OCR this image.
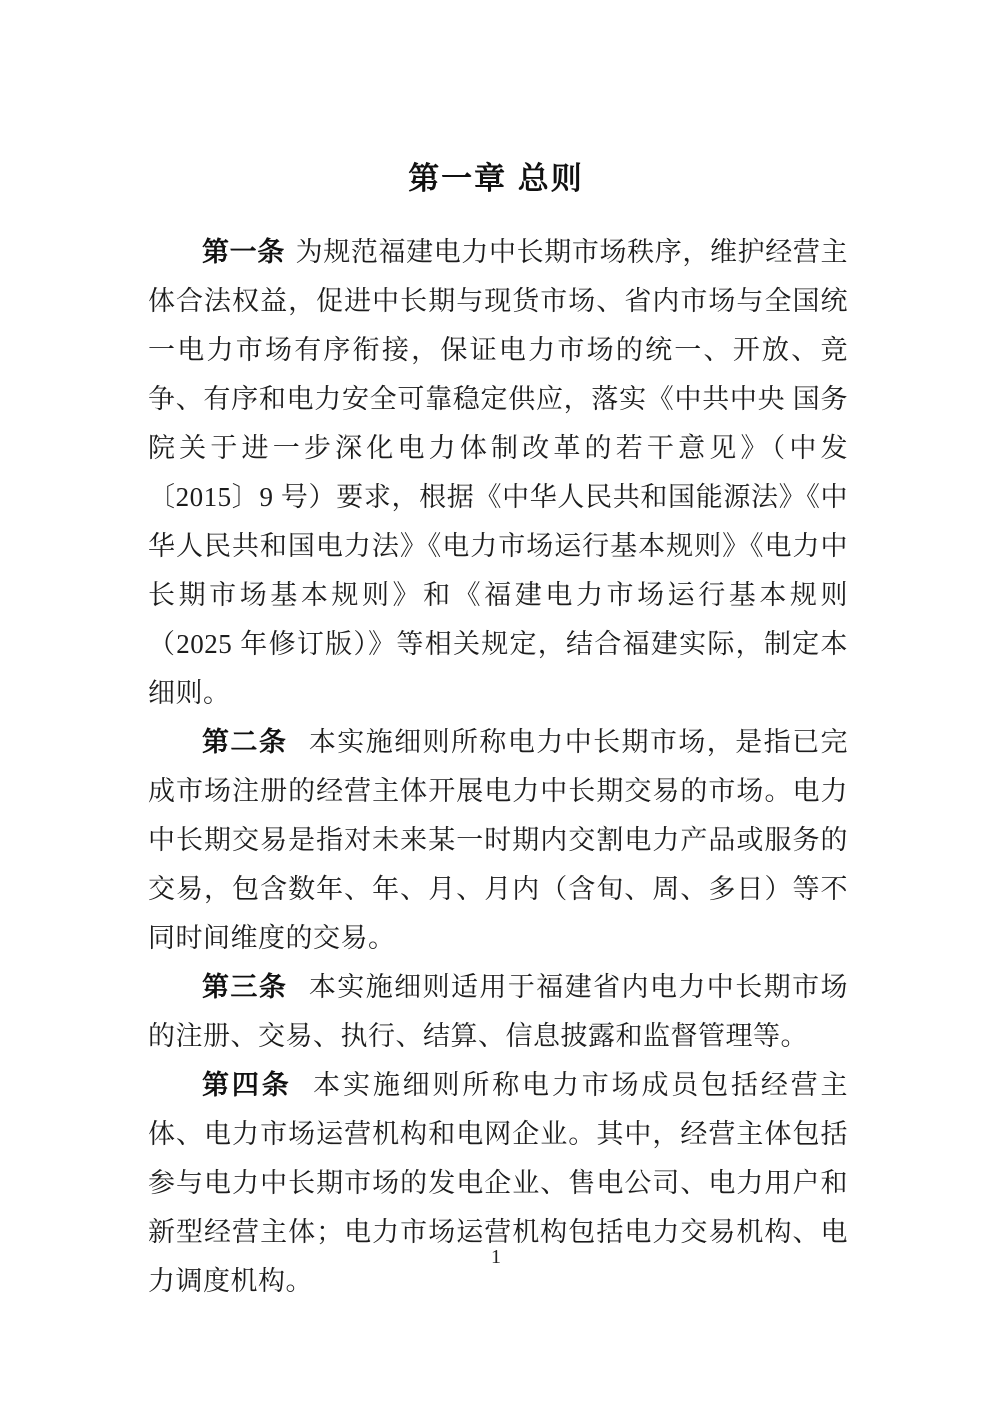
第一章 总则

第一条 为规范福建电力中长期市场秩序，维护经营主体合法权益，促进中长期与现货市场、省内市场与全国统一电力市场有序衔接，保证电力市场的统一、开放、竞争、有序和电力安全可靠稳定供应，落实《中共中央 国务院关于进一步深化电力体制改革的若干意见》（中发〔2015〕9 号）要求，根据《中华人民共和国能源法》《中华人民共和国电力法》《电力市场运行基本规则》《电力中长期市场基本规则》和《福建电力市场运行基本规则（2025 年修订版）》等相关规定，结合福建实际，制定本细则。

第二条 本实施细则所称电力中长期市场，是指已完成市场注册的经营主体开展电力中长期交易的市场。电力中长期交易是指对未来某一时期内交割电力产品或服务的交易，包含数年、年、月、月内（含旬、周、多日）等不同时间维度的交易。

第三条 本实施细则适用于福建省内电力中长期市场的注册、交易、执行、结算、信息披露和监督管理等。

第四条 本实施细则所称电力市场成员包括经营主体、电力市场运营机构和电网企业。其中，经营主体包括参与电力中长期市场的发电企业、售电公司、电力用户和新型经营主体；电力市场运营机构包括电力交易机构、电力调度机构。

1
